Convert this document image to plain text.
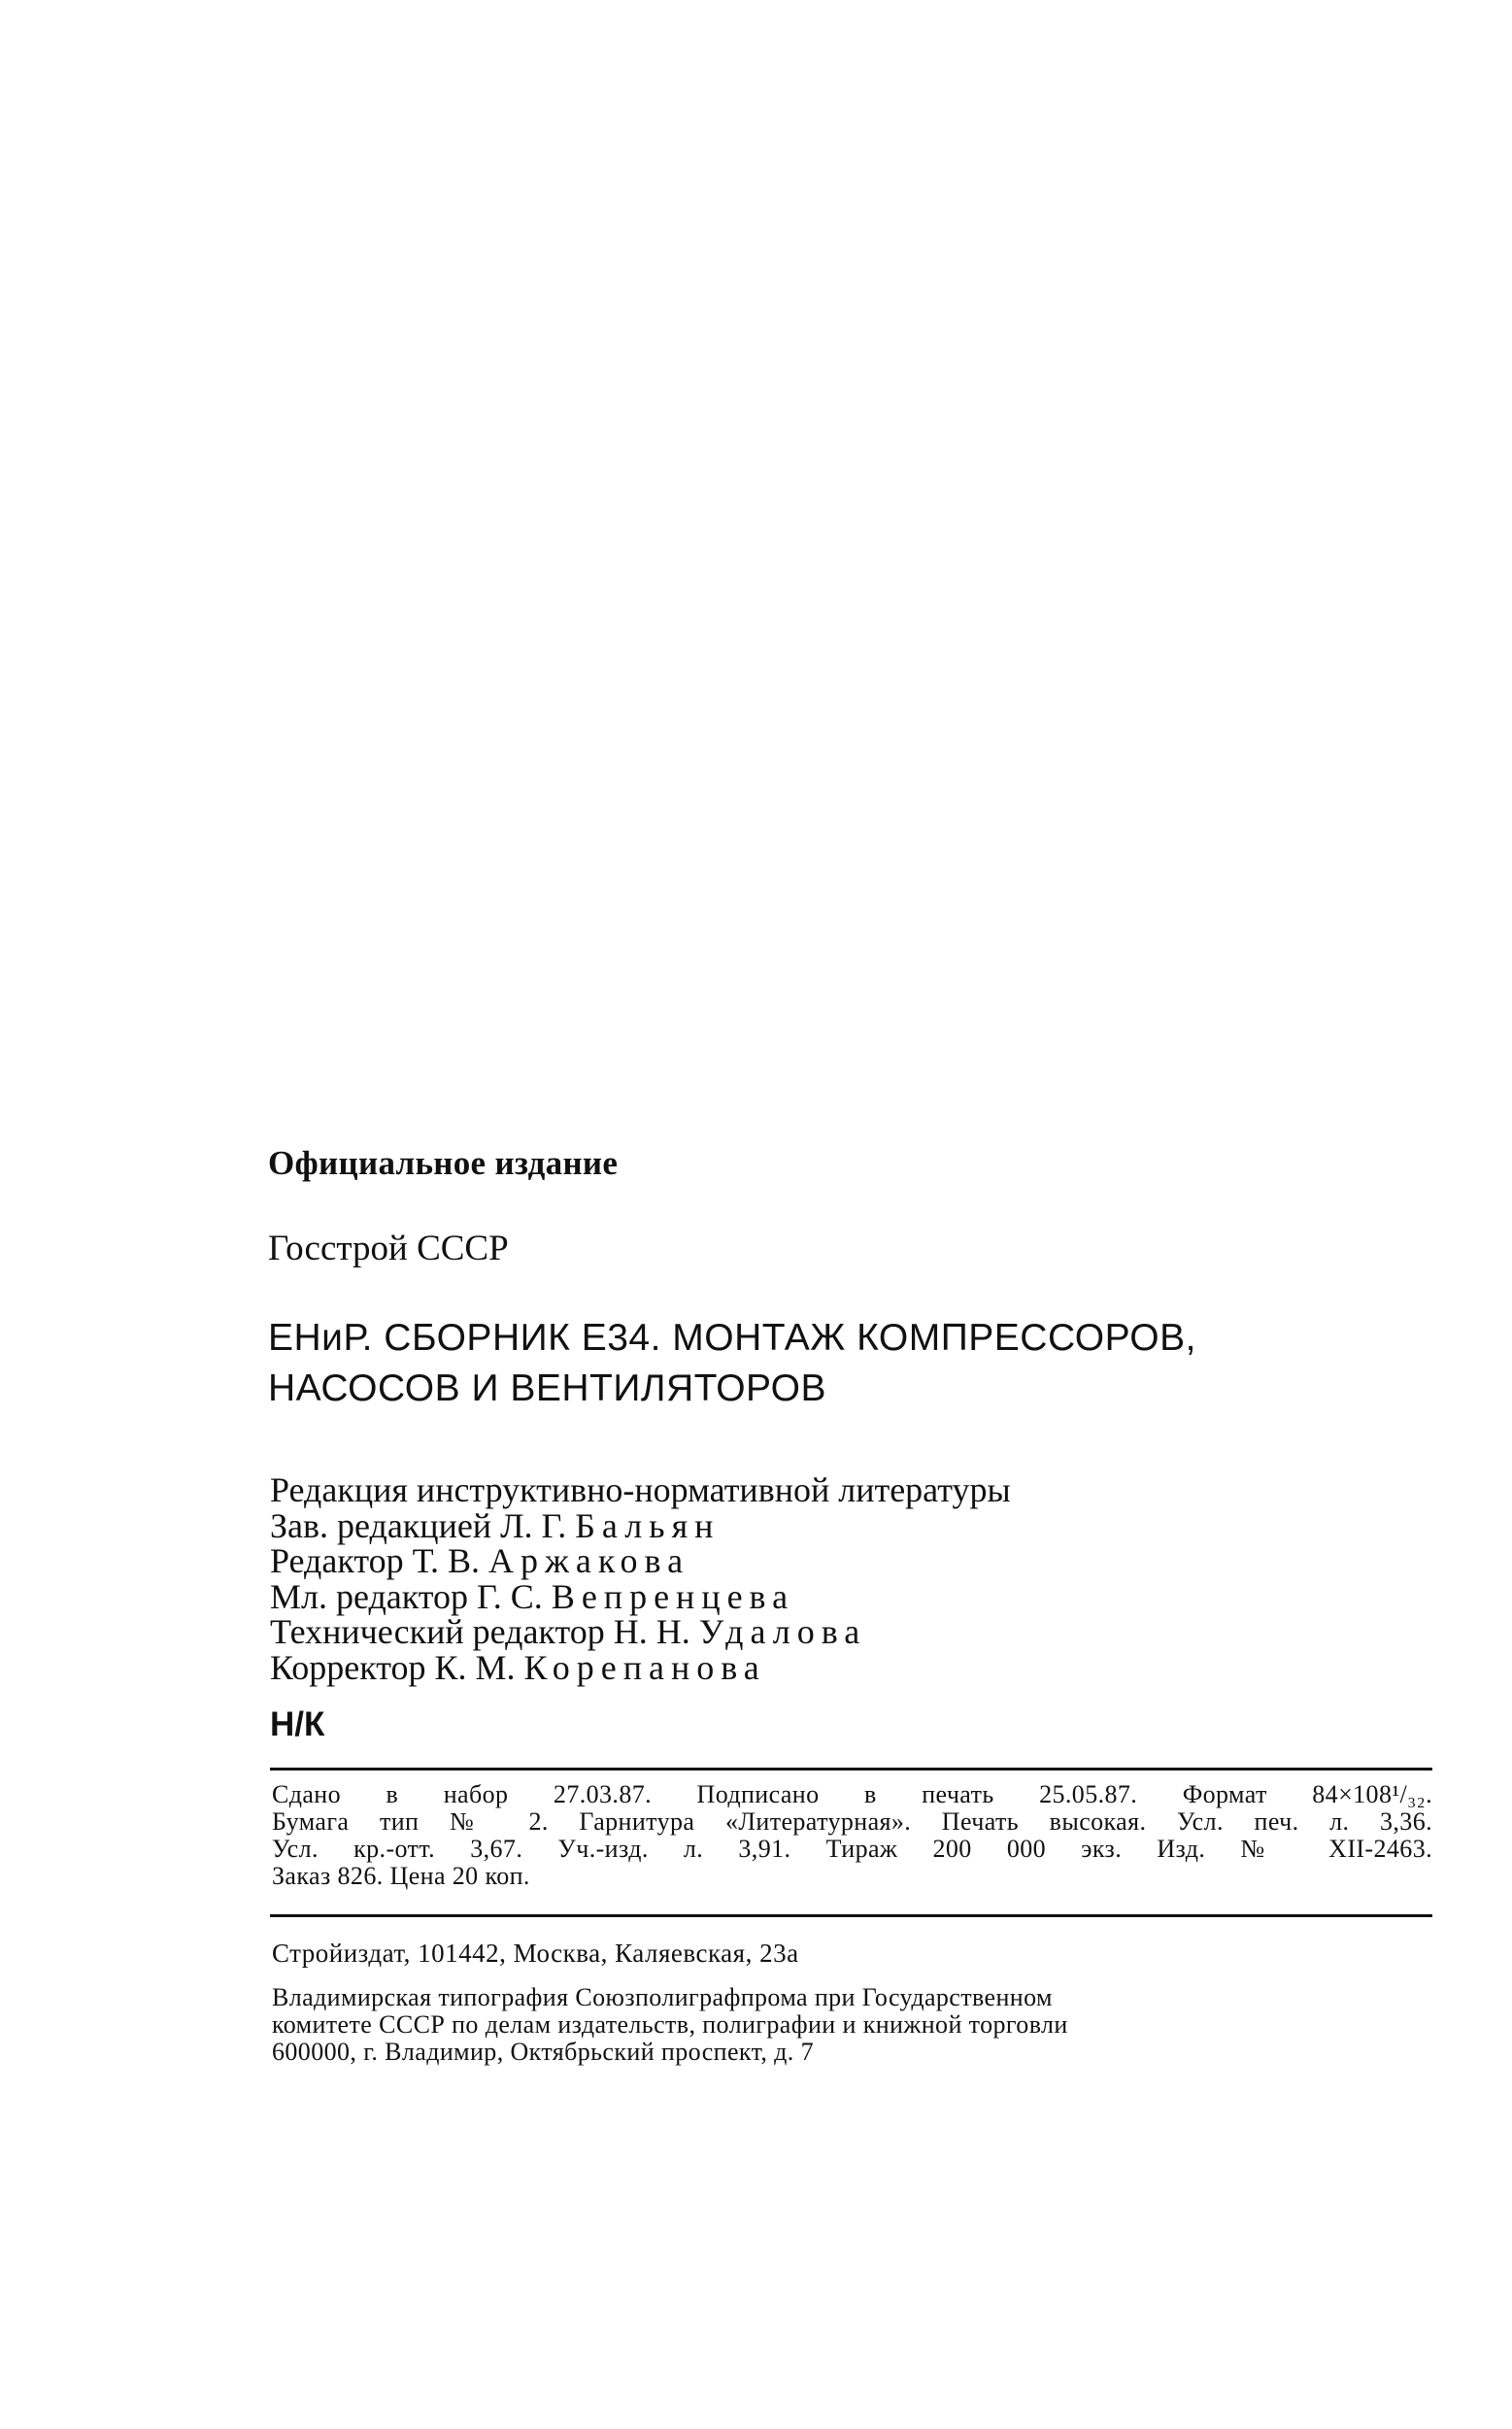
Официальное издание
Госстрой СССР
ЕНиР. СБОРНИК Е34. МОНТАЖ КОМПРЕССОРОВ,
НАСОСОВ И ВЕНТИЛЯТОРОВ
Редакция инструктивно-нормативной литературы
Зав. редакцией Л. Г. Бальян
Редактор Т. В. Аржакова
Мл. редактор Г. С. Вепренцева
Технический редактор Н. Н. Удалова
Корректор К. М. Корепанова
Н/К
Сдано в набор 27.03.87. Подписано в печать 25.05.87. Формат 84×108¹/₃₂.
Бумага тип № 2. Гарнитура «Литературная». Печать высокая. Усл. печ. л. 3,36.
Усл. кр.-отт. 3,67. Уч.-изд. л. 3,91. Тираж 200 000 экз. Изд. № XII-2463.
Заказ 826. Цена 20 коп.
Стройиздат, 101442, Москва, Каляевская, 23а
Владимирская типография Союзполиграфпрома при Государственном
комитете СССР по делам издательств, полиграфии и книжной торговли
600000, г. Владимир, Октябрьский проспект, д. 7
